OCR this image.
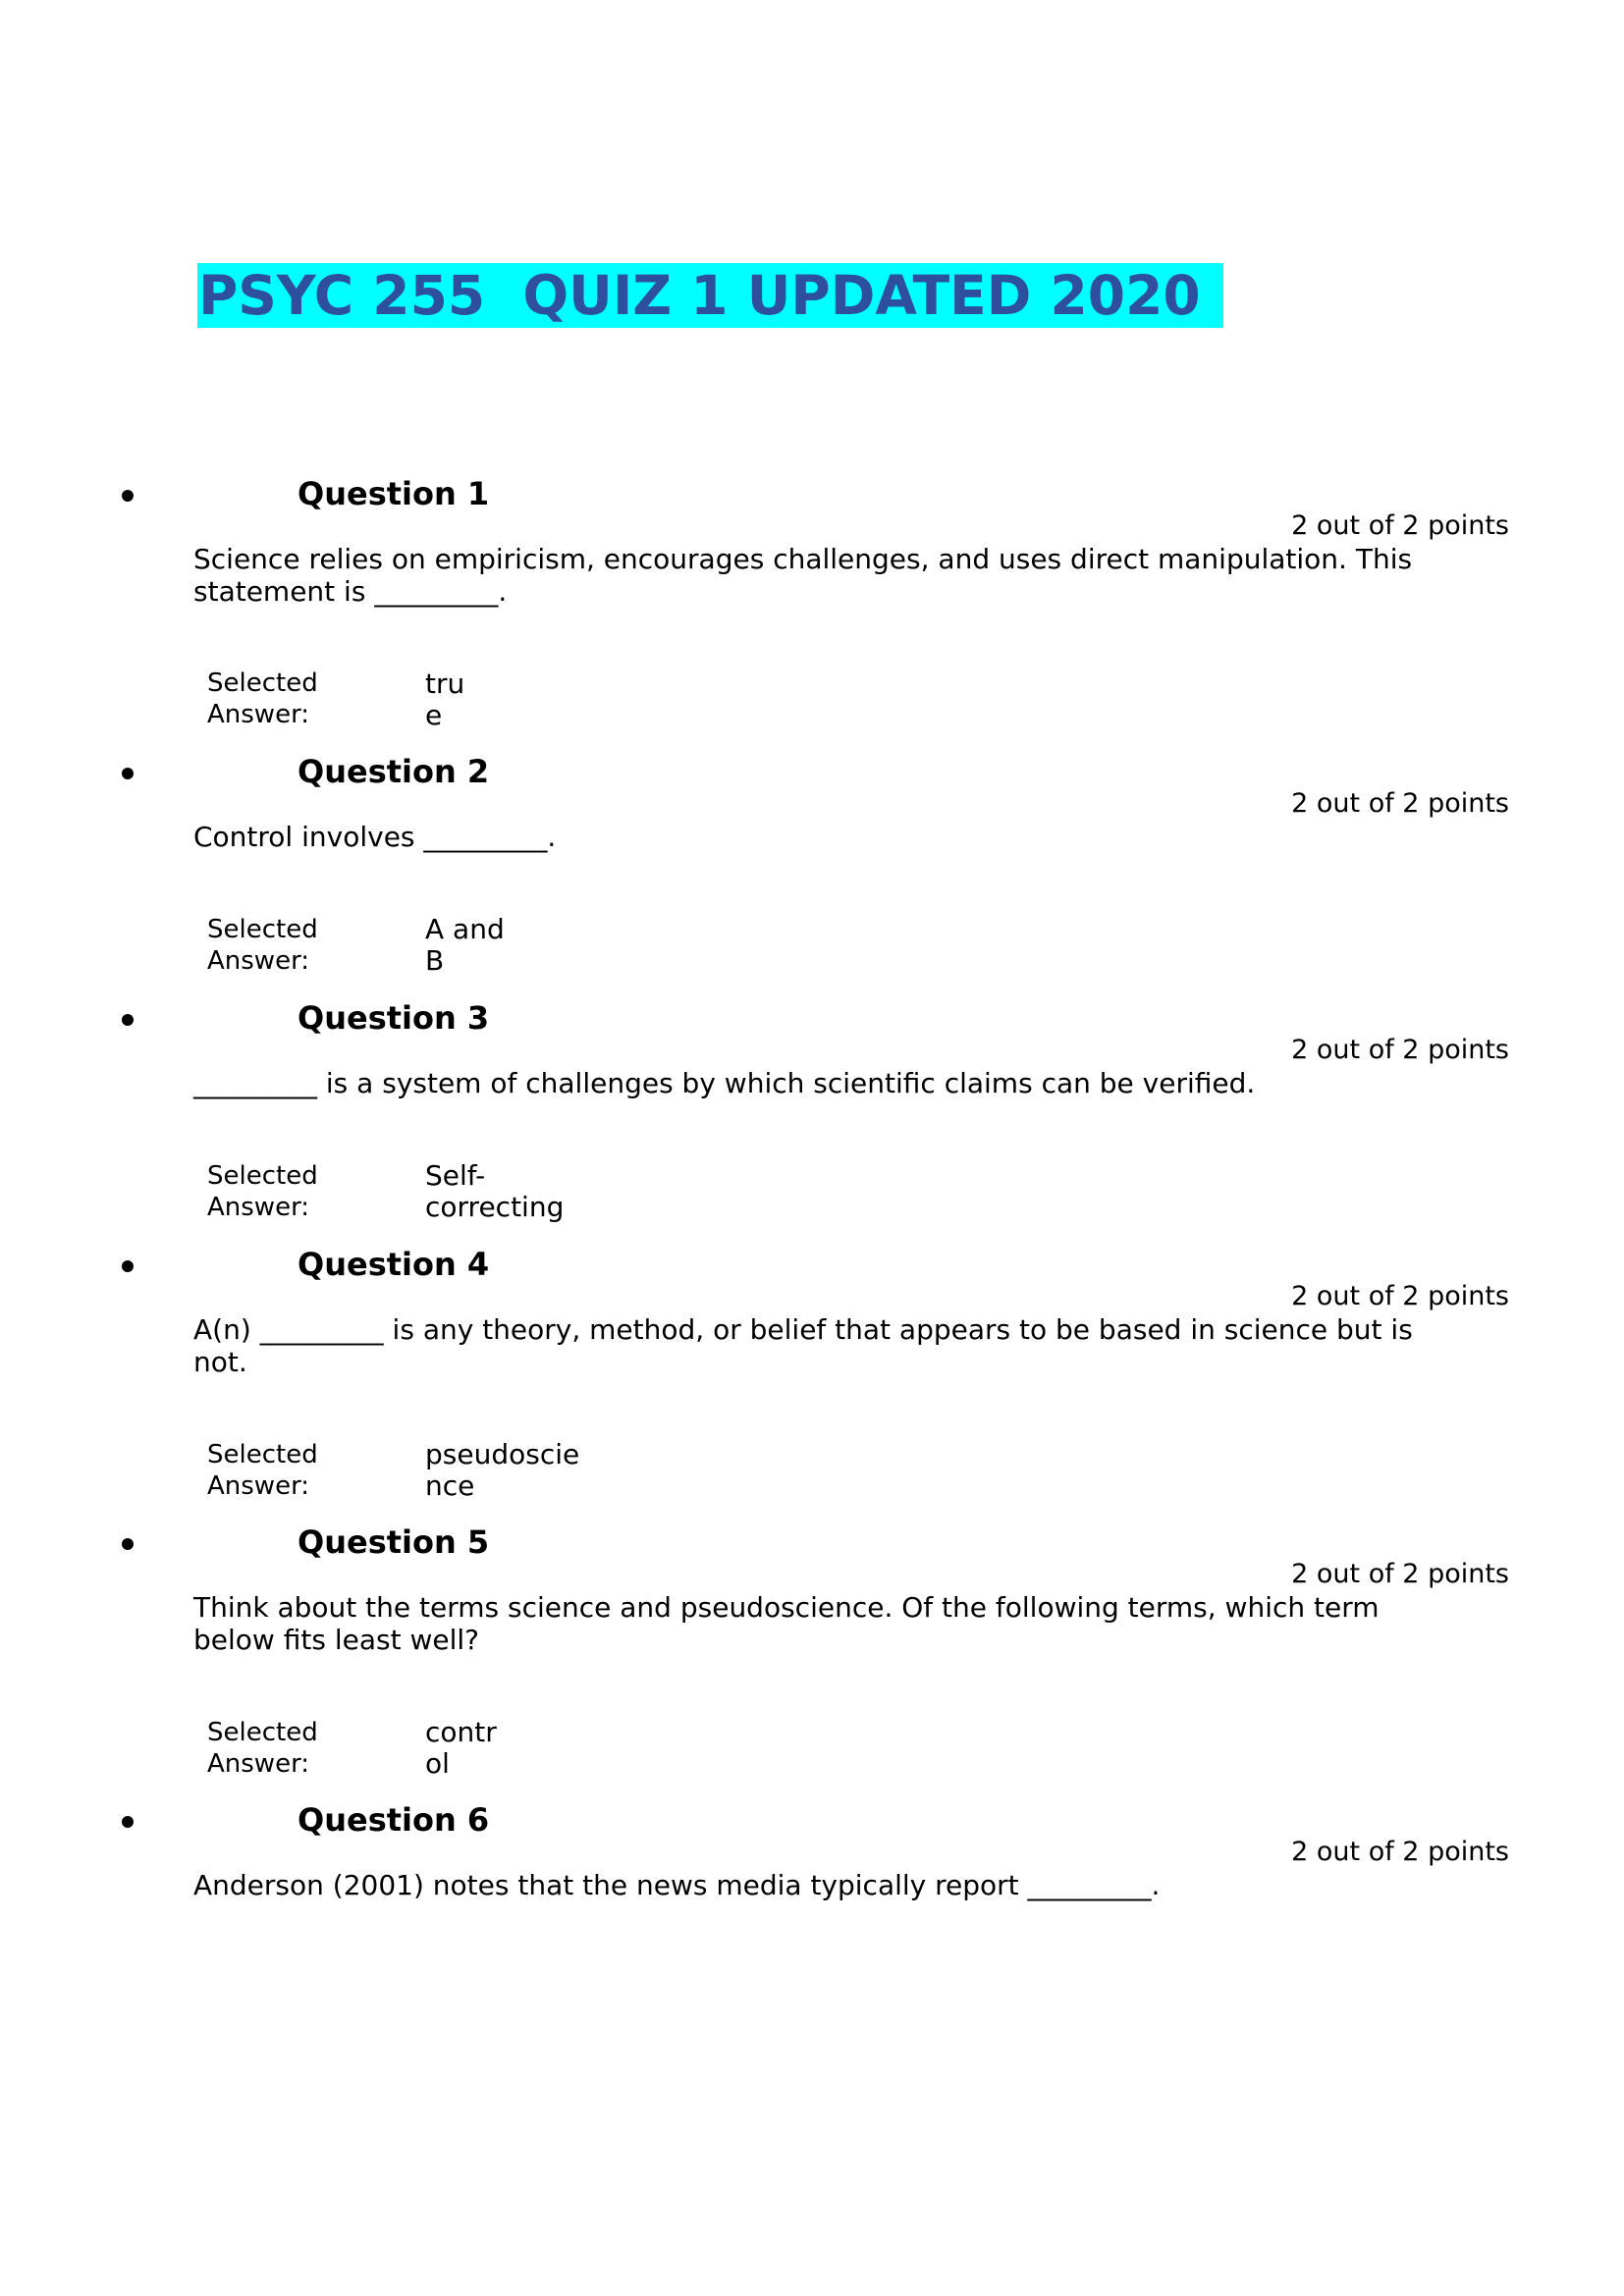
PSYC 255  QUIZ 1 UPDATED 2020
Question 1
2 out of 2 points
Science relies on empiricism, encourages challenges, and uses direct manipulation. This statement is _________.
Selected Answer:
true
Question 2
2 out of 2 points
Control involves _________.
Selected Answer:
A and B
Question 3
2 out of 2 points
_________ is a system of challenges by which scientific claims can be verified.
Selected Answer:
Self-correcting
Question 4
2 out of 2 points
A(n) _________ is any theory, method, or belief that appears to be based in science but is not.
Selected Answer:
pseudoscience
Question 5
2 out of 2 points
Think about the terms science and pseudoscience. Of the following terms, which term below fits least well?
Selected Answer:
control
Question 6
2 out of 2 points
Anderson (2001) notes that the news media typically report _________.
